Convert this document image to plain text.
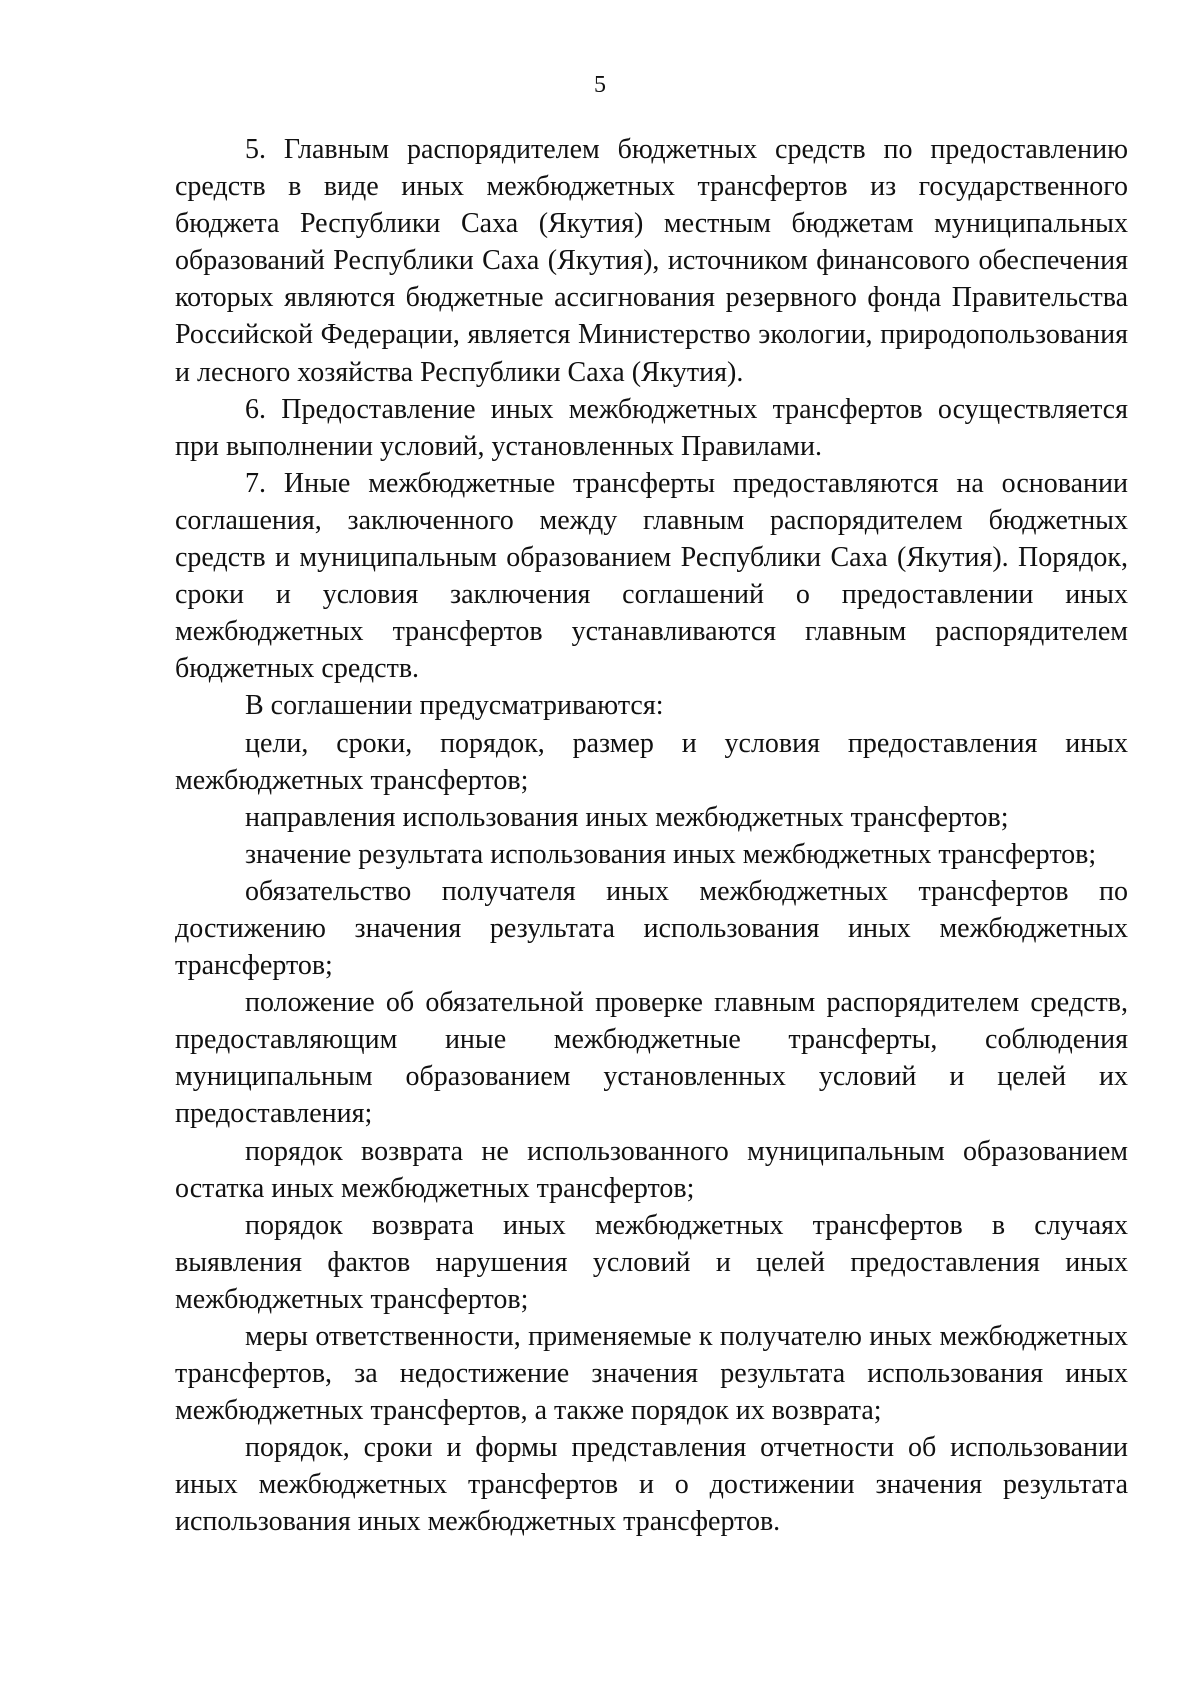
5

5. Главным распорядителем бюджетных средств по предоставлению средств в виде иных межбюджетных трансфертов из государственного бюджета Республики Саха (Якутия) местным бюджетам муниципальных образований Республики Саха (Якутия), источником финансового обеспечения которых являются бюджетные ассигнования резервного фонда Правительства Российской Федерации, является Министерство экологии, природопользования и лесного хозяйства Республики Саха (Якутия).

6. Предоставление иных межбюджетных трансфертов осуществляется при выполнении условий, установленных Правилами.

7. Иные межбюджетные трансферты предоставляются на основании соглашения, заключенного между главным распорядителем бюджетных средств и муниципальным образованием Республики Саха (Якутия). Порядок, сроки и условия заключения соглашений о предоставлении иных межбюджетных трансфертов устанавливаются главным распорядителем бюджетных средств.

В соглашении предусматриваются:

цели, сроки, порядок, размер и условия предоставления иных межбюджетных трансфертов;

направления использования иных межбюджетных трансфертов;

значение результата использования иных межбюджетных трансфертов;

обязательство получателя иных межбюджетных трансфертов по достижению значения результата использования иных межбюджетных трансфертов;

положение об обязательной проверке главным распорядителем средств, предоставляющим иные межбюджетные трансферты, соблюдения муниципальным образованием установленных условий и целей их предоставления;

порядок возврата не использованного муниципальным образованием остатка иных межбюджетных трансфертов;

порядок возврата иных межбюджетных трансфертов в случаях выявления фактов нарушения условий и целей предоставления иных межбюджетных трансфертов;

меры ответственности, применяемые к получателю иных межбюджетных трансфертов, за недостижение значения результата использования иных межбюджетных трансфертов, а также порядок их возврата;

порядок, сроки и формы представления отчетности об использовании иных межбюджетных трансфертов и о достижении значения результата использования иных межбюджетных трансфертов.
